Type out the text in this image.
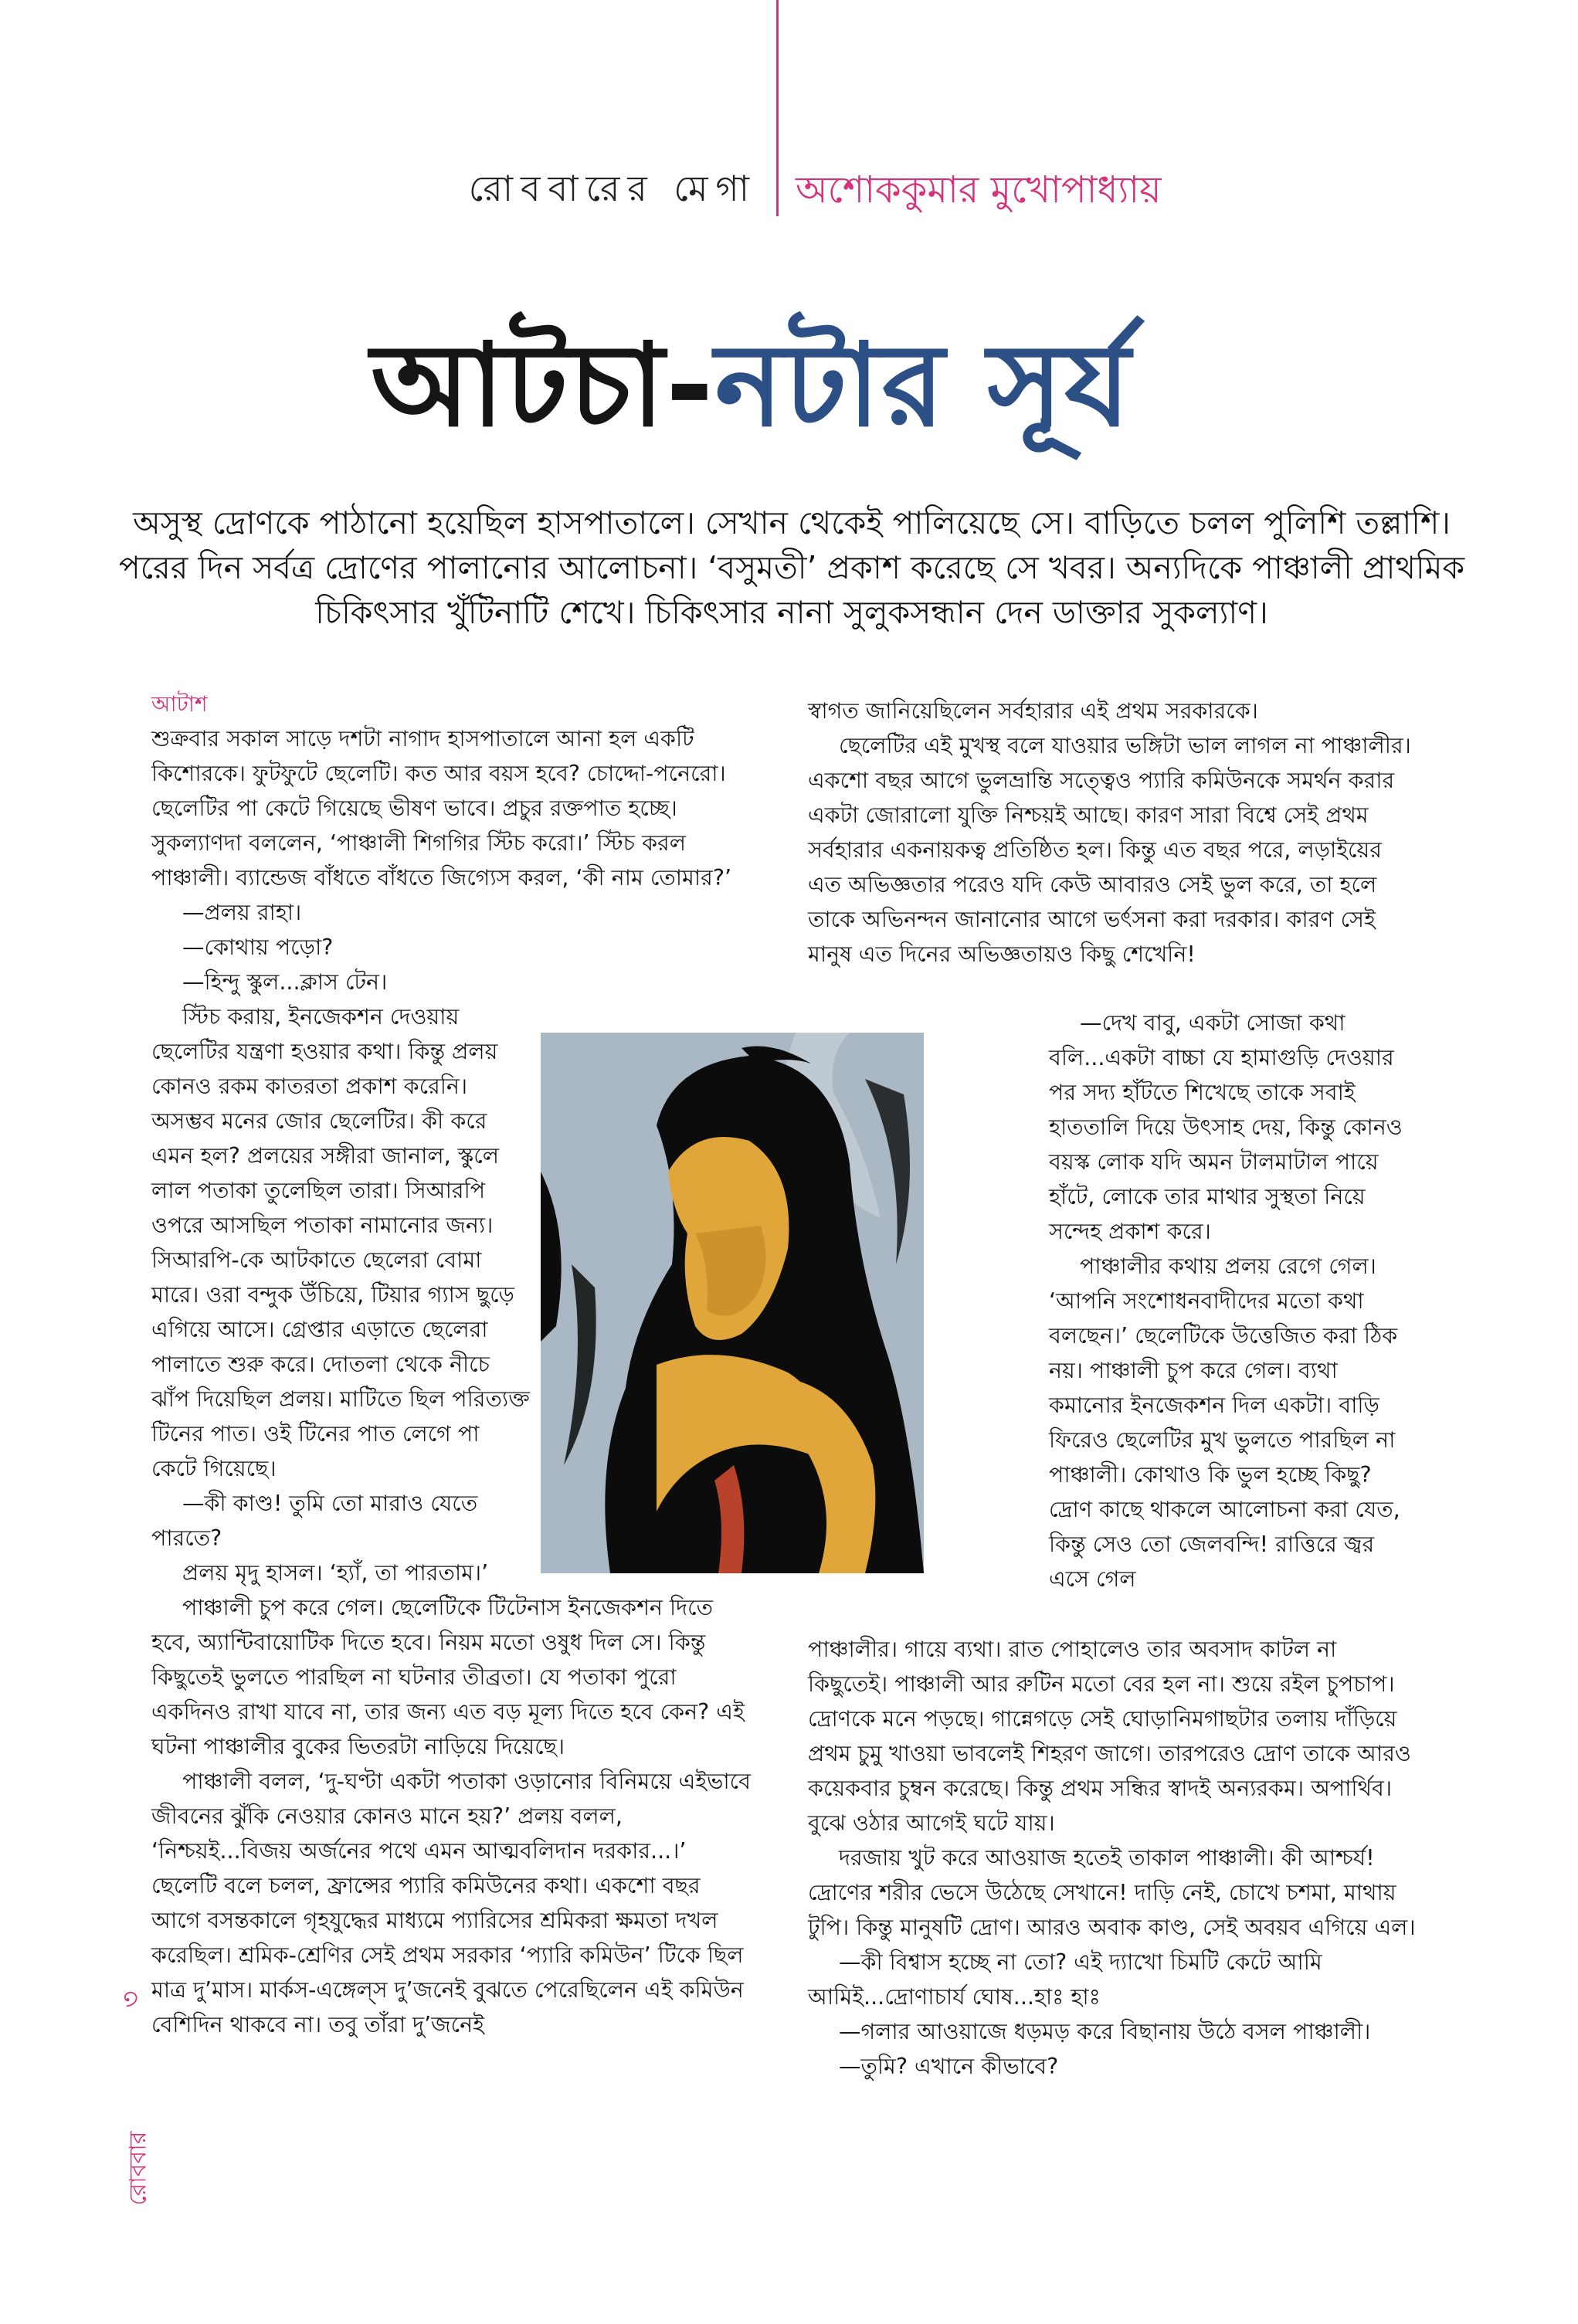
রোববারের মেগা অশোককুমার মুখোপাধ্যায়
আটচা-নটার সূর্য
অসুস্থ দ্রোণকে পাঠানো হয়েছিল হাসপাতালে। সেখান থেকেই পালিয়েছে সে। বাড়িতে চলল পুলিশি তল্লাশি। পরের দিন সর্বত্র দ্রোণের পালানোর আলোচনা। ‘বসুমতী’ প্রকাশ করেছে সে খবর। অন্যদিকে পাঞ্চালী প্রাথমিক চিকিৎসার খুঁটিনাটি শেখে। চিকিৎসার নানা সুলুকসন্ধান দেন ডাক্তার সুকল্যাণ।

আটাশ

শুক্রবার সকাল সাড়ে দশটা নাগাদ হাসপাতালে আনা হল একটি কিশোরকে। ফুটফুটে ছেলেটি। কত আর বয়স হবে? চোদ্দো-পনেরো। ছেলেটির পা কেটে গিয়েছে ভীষণ ভাবে। প্রচুর রক্তপাত হচ্ছে। সুকল্যাণদা বললেন, ‘পাঞ্চালী শিগগির স্টিচ করো।’ স্টিচ করল পাঞ্চালী। ব্যান্ডেজ বাঁধতে বাঁধতে জিগ্যেস করল, ‘কী নাম তোমার?’

—প্রলয় রাহা।

—কোথায় পড়ো?

—হিন্দু স্কুল...ক্লাস টেন।

স্টিচ করায়, ইনজেকশন দেওয়ায় ছেলেটির যন্ত্রণা হওয়ার কথা। কিন্তু প্রলয় কোনও রকম কাতরতা প্রকাশ করেনি। অসম্ভব মনের জোর ছেলেটির। কী করে এমন হল? প্রলয়ের সঙ্গীরা জানাল, স্কুলে লাল পতাকা তুলেছিল তারা। সিআরপি ওপরে আসছিল পতাকা নামানোর জন্য। সিআরপি-কে আটকাতে ছেলেরা বোমা মারে। ওরা বন্দুক উঁচিয়ে, টিয়ার গ্যাস ছুড়ে এগিয়ে আসে। গ্রেপ্তার এড়াতে ছেলেরা পালাতে শুরু করে। দোতলা থেকে নীচে ঝাঁপ দিয়েছিল প্রলয়। মাটিতে ছিল পরিত্যক্ত টিনের পাত। ওই টিনের পাত লেগে পা কেটে গিয়েছে।

—কী কাণ্ড! তুমি তো মারাও যেতে পারতে?

প্রলয় মৃদু হাসল। ‘হ্যাঁ, তা পারতাম।’

পাঞ্চালী চুপ করে গেল। ছেলেটিকে টিটেনাস ইনজেকশন দিতে হবে, অ্যান্টিবায়োটিক দিতে হবে। নিয়ম মতো ওষুধ দিল সে। কিন্তু কিছুতেই ভুলতে পারছিল না ঘটনার তীব্রতা। যে পতাকা পুরো একদিনও রাখা যাবে না, তার জন্য এত বড় মূল্য দিতে হবে কেন? এই ঘটনা পাঞ্চালীর বুকের ভিতরটা নাড়িয়ে দিয়েছে।

পাঞ্চালী বলল, ‘দু-ঘণ্টা একটা পতাকা ওড়ানোর বিনিময়ে এইভাবে জীবনের ঝুঁকি নেওয়ার কোনও মানে হয়?’ প্রলয় বলল, ‘নিশ্চয়ই...বিজয় অর্জনের পথে এমন আত্মবলিদান দরকার...।’ ছেলেটি বলে চলল, ফ্রান্সের প্যারি কমিউনের কথা। একশো বছর আগে বসন্তকালে গৃহযুদ্ধের মাধ্যমে প্যারিসের শ্রমিকরা ক্ষমতা দখল করেছিল। শ্রমিক-শ্রেণির সেই প্রথম সরকার ‘প্যারি কমিউন’ টিকে ছিল মাত্র দু’মাস। মার্কস-এঙ্গেল্স দু’জনেই বুঝতে পেরেছিলেন এই কমিউন বেশিদিন থাকবে না। তবু তাঁরা দু’জনেই

স্বাগত জানিয়েছিলেন সর্বহারার এই প্রথম সরকারকে।

ছেলেটির এই মুখস্থ বলে যাওয়ার ভঙ্গিটা ভাল লাগল না পাঞ্চালীর। একশো বছর আগে ভুলভ্রান্তি সত্ত্বেও প্যারি কমিউনকে সমর্থন করার একটা জোরালো যুক্তি নিশ্চয়ই আছে। কারণ সারা বিশ্বে সেই প্রথম সর্বহারার একনায়কত্ব প্রতিষ্ঠিত হল। কিন্তু এত বছর পরে, লড়াইয়ের এত অভিজ্ঞতার পরেও যদি কেউ আবারও সেই ভুল করে, তা হলে তাকে অভিনন্দন জানানোর আগে ভর্ৎসনা করা দরকার। কারণ সেই মানুষ এত দিনের অভিজ্ঞতায়ও কিছু শেখেনি!

—দেখ বাবু, একটা সোজা কথা বলি...একটা বাচ্চা যে হামাগুড়ি দেওয়ার পর সদ্য হাঁটতে শিখেছে তাকে সবাই হাততালি দিয়ে উৎসাহ দেয়, কিন্তু কোনও বয়স্ক লোক যদি অমন টালমাটাল পায়ে হাঁটে, লোকে তার মাথার সুস্থতা নিয়ে সন্দেহ প্রকাশ করে।

পাঞ্চালীর কথায় প্রলয় রেগে গেল। ‘আপনি সংশোধনবাদীদের মতো কথা বলছেন।’ ছেলেটিকে উত্তেজিত করা ঠিক নয়। পাঞ্চালী চুপ করে গেল। ব্যথা কমানোর ইনজেকশন দিল একটা। বাড়ি ফিরেও ছেলেটির মুখ ভুলতে পারছিল না পাঞ্চালী। কোথাও কি ভুল হচ্ছে কিছু? দ্রোণ কাছে থাকলে আলোচনা করা যেত, কিন্তু সেও তো জেলবন্দি! রাত্তিরে জ্বর এসে গেল

পাঞ্চালীর। গায়ে ব্যথা। রাত পোহালেও তার অবসাদ কাটল না কিছুতেই। পাঞ্চালী আর রুটিন মতো বের হল না। শুয়ে রইল চুপচাপ। দ্রোণকে মনে পড়ছে। গান্নেগড়ে সেই ঘোড়ানিমগাছটার তলায় দাঁড়িয়ে প্রথম চুমু খাওয়া ভাবলেই শিহরণ জাগে। তারপরেও দ্রোণ তাকে আরও কয়েকবার চুম্বন করেছে। কিন্তু প্রথম সন্ধির স্বাদই অন্যরকম। অপার্থিব। বুঝে ওঠার আগেই ঘটে যায়।

দরজায় খুট করে আওয়াজ হতেই তাকাল পাঞ্চালী। কী আশ্চর্য! দ্রোণের শরীর ভেসে উঠেছে সেখানে! দাড়ি নেই, চোখে চশমা, মাথায় টুপি। কিন্তু মানুষটি দ্রোণ। আরও অবাক কাণ্ড, সেই অবয়ব এগিয়ে এল।

—কী বিশ্বাস হচ্ছে না তো? এই দ্যাখো চিমটি কেটে আমি আমিই...দ্রোণাচার্য ঘোষ...হাঃ হাঃ

—গলার আওয়াজে ধড়মড় করে বিছানায় উঠে বসল পাঞ্চালী।

—তুমি? এখানে কীভাবে?

৩
রোববার
